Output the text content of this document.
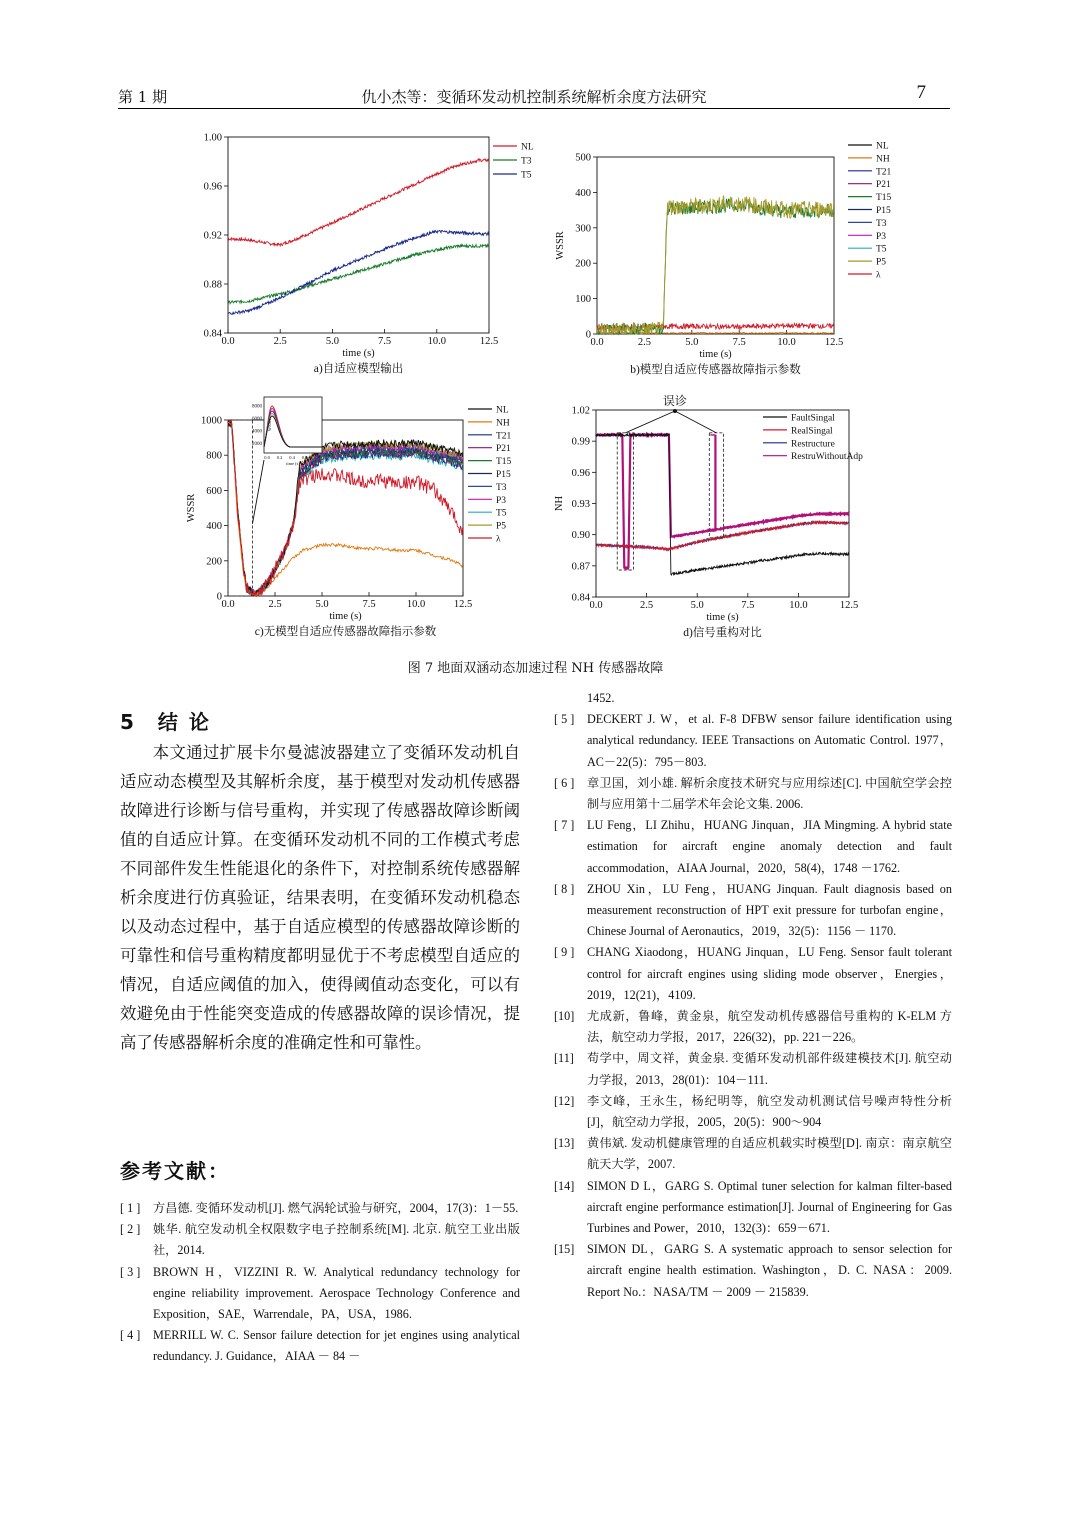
第 1 期	仇小杰等：变循环发动机控制系统解析余度方法研究	7
0.0	2.5	5.0	7.5	10.0	12.5
0.84
0.88
0.92
0.96
1.00
time (s)
a)自适应模型输出
NL
T3
T5
0.0	2.5	5.0	7.5	10.0	12.5
0
100
200
300
400
500
time (s)
WSSR
b)模型自适应传感器故障指示参数
NL
NH
T21
P21
T15
P15
T3
P3
T5
P5
λ
0.0	2.5	5.0	7.5	10.0	12.5
0
200
400
600
800
1000
time (s)
WSSR
c)无模型自适应传感器故障指示参数
2000
4000
6000
8000
0.0 0.2 0.4 0.6 0.8
time (s)
WSSR
NL
NH
T21
P21
T15
P15
T3
P3
T5
P5
λ
0.0	2.5	5.0	7.5	10.0	12.5
0.84
0.87
0.90
0.93
0.96
0.99
1.02
time (s)
NH
d)信号重构对比
误诊
FaultSingal
RealSingal
Restructure
RestruWithoutAdp
图 7 地面双涵动态加速过程 NH 传感器故障
5 结 论
本文通过扩展卡尔曼滤波器建立了变循环发动机自适应动态模型及其解析余度，基于模型对发动机传感器故障进行诊断与信号重构，并实现了传感器故障诊断阈值的自适应计算。在变循环发动机不同的工作模式考虑不同部件发生性能退化的条件下，对控制系统传感器解析余度进行仿真验证，结果表明，在变循环发动机稳态以及动态过程中，基于自适应模型的传感器故障诊断的可靠性和信号重构精度都明显优于不考虑模型自适应的情况，自适应阈值的加入，使得阈值动态变化，可以有效避免由于性能突变造成的传感器故障的误诊情况，提高了传感器解析余度的准确定性和可靠性。
参考文献：
[ 1 ] 方昌德. 变循环发动机[J]. 燃气涡轮试验与研究，2004，17(3)：1－55.
[ 2 ] 姚华. 航空发动机全权限数字电子控制系统[M]. 北京. 航空工业出版社，2014.
[ 3 ] BROWN H，VIZZINI R. W. Analytical redundancy technology for engine reliability improvement. Aerospace Technology Conference and Exposition，SAE，Warrendale，PA，USA，1986.
[ 4 ] MERRILL W. C. Sensor failure detection for jet engines using analytical redundancy. J. Guidance，AIAA － 84 －
1452.
[ 5 ] DECKERT J. W，et al. F-8 DFBW sensor failure identification using analytical redundancy. IEEE Transactions on Automatic Control. 1977，AC－22(5)：795－803.
[ 6 ] 章卫国，刘小雄. 解析余度技术研究与应用综述[C]. 中国航空学会控制与应用第十二届学术年会论文集. 2006.
[ 7 ] LU Feng，LI Zhihu，HUANG Jinquan，JIA Mingming. A hybrid state estimation for aircraft engine anomaly detection and fault accommodation，AIAA Journal，2020，58(4)，1748 －1762.
[ 8 ] ZHOU Xin，LU Feng，HUANG Jinquan. Fault diagnosis based on measurement reconstruction of HPT exit pressure for turbofan engine，Chinese Journal of Aeronautics，2019，32(5)：1156 － 1170.
[ 9 ] CHANG Xiaodong，HUANG Jinquan，LU Feng. Sensor fault tolerant control for aircraft engines using sliding mode observer，Energies，2019，12(21)，4109.
[10] 尤成新，鲁峰，黄金泉，航空发动机传感器信号重构的 K-ELM 方法，航空动力学报，2017，226(32)，pp. 221－226。
[11] 苟学中，周文祥，黄金泉. 变循环发动机部件级建模技术[J]. 航空动力学报，2013，28(01)：104－111.
[12] 李文峰，王永生，杨纪明等，航空发动机测试信号噪声特性分析[J]，航空动力学报，2005，20(5)：900～904
[13] 黄伟斌. 发动机健康管理的自适应机载实时模型[D]. 南京：南京航空航天大学，2007.
[14] SIMON D L，GARG S. Optimal tuner selection for kalman filter-based aircraft engine performance estimation[J]. Journal of Engineering for Gas Turbines and Power，2010，132(3)：659－671.
[15] SIMON DL，GARG S. A systematic approach to sensor selection for aircraft engine health estimation. Washington，D. C. NASA：2009. Report No.：NASA/TM － 2009 － 215839.
